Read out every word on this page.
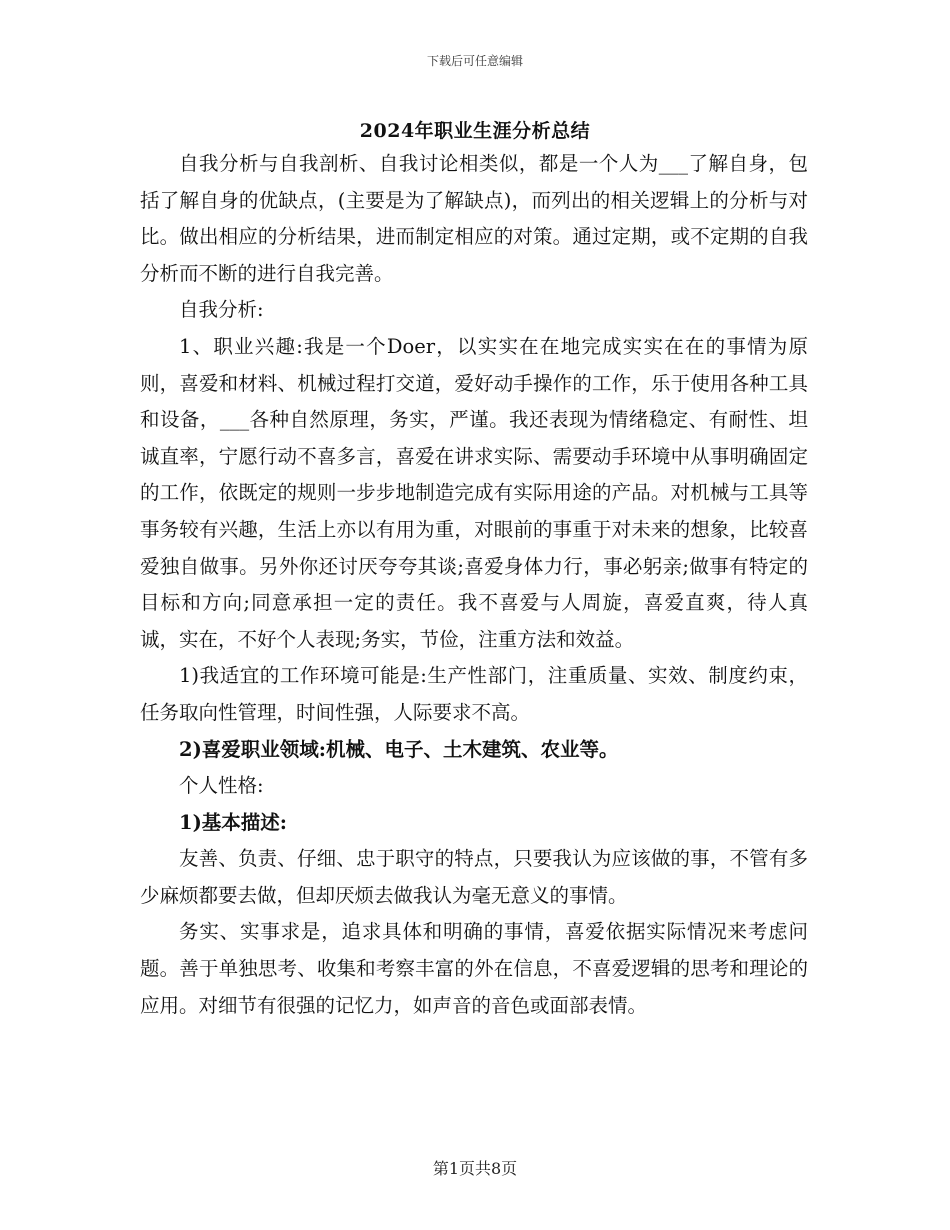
下载后可任意编辑
2024年职业生涯分析总结

自我分析与自我剖析、自我讨论相类似，都是一个人为___了解自身，包括了解自身的优缺点，(主要是为了解缺点)，而列出的相关逻辑上的分析与对比。做出相应的分析结果，进而制定相应的对策。通过定期，或不定期的自我分析而不断的进行自我完善。

自我分析:

1、职业兴趣:我是一个Doer，以实实在在地完成实实在在的事情为原则，喜爱和材料、机械过程打交道，爱好动手操作的工作，乐于使用各种工具和设备，___各种自然原理，务实，严谨。我还表现为情绪稳定、有耐性、坦诚直率，宁愿行动不喜多言，喜爱在讲求实际、需要动手环境中从事明确固定的工作，依既定的规则一步步地制造完成有实际用途的产品。对机械与工具等事务较有兴趣，生活上亦以有用为重，对眼前的事重于对未来的想象，比较喜爱独自做事。另外你还讨厌夸夸其谈;喜爱身体力行，事必躬亲;做事有特定的目标和方向;同意承担一定的责任。我不喜爱与人周旋，喜爱直爽，待人真诚，实在，不好个人表现;务实，节俭，注重方法和效益。

1)我适宜的工作环境可能是:生产性部门，注重质量、实效、制度约束，任务取向性管理，时间性强，人际要求不高。

2)喜爱职业领域:机械、电子、土木建筑、农业等。

个人性格:

1)基本描述:

友善、负责、仔细、忠于职守的特点，只要我认为应该做的事，不管有多少麻烦都要去做，但却厌烦去做我认为毫无意义的事情。

务实、实事求是，追求具体和明确的事情，喜爱依据实际情况来考虑问题。善于单独思考、收集和考察丰富的外在信息，不喜爱逻辑的思考和理论的应用。对细节有很强的记忆力，如声音的音色或面部表情。

第1页共8页
